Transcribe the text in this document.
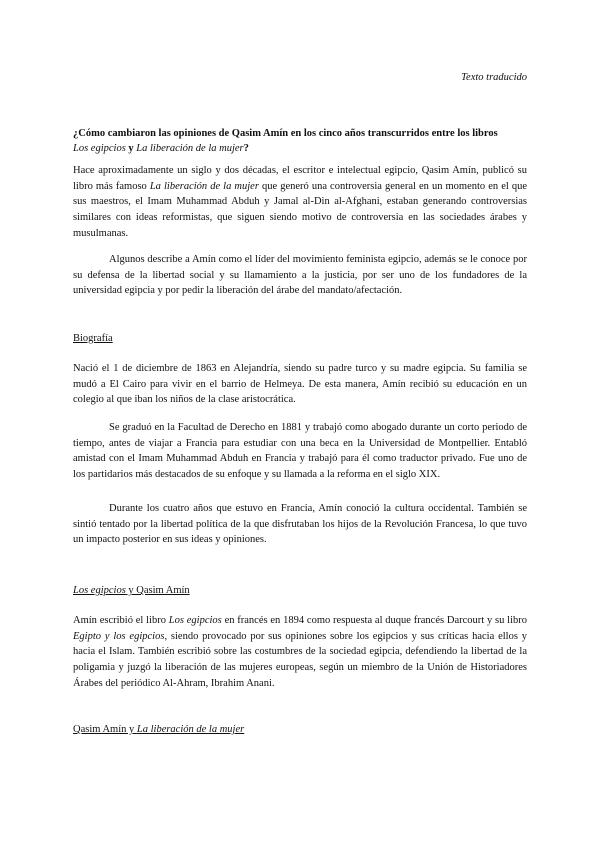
Texto traducido
¿Cómo cambiaron las opiniones de Qasim Amín en los cinco años transcurridos entre los libros
Los egipcios y La liberación de la mujer?
Hace aproximadamente un siglo y dos décadas, el escritor e intelectual egipcio, Qasim Amín, publicó su libro más famoso La liberación de la mujer que generó una controversia general en un momento en el que sus maestros, el Imam Muhammad Abduh y Jamal al-Din al-Afghani, estaban generando controversias similares con ideas reformistas, que siguen siendo motivo de controversia en las sociedades árabes y musulmanas.
Algunos describe a Amín como el líder del movimiento feminista egipcio, además se le conoce por su defensa de la libertad social y su llamamiento a la justicia, por ser uno de los fundadores de la universidad egipcia y por pedir la liberación del árabe del mandato/afectación.
Biografía
Nació el 1 de diciembre de 1863 en Alejandría, siendo su padre turco y su madre egipcia. Su familia se mudó a El Cairo para vivir en el barrio de Helmeya. De esta manera, Amín recibió su educación en un colegio al que iban los niños de la clase aristocrática.
Se graduó en la Facultad de Derecho en 1881 y trabajó como abogado durante un corto periodo de tiempo, antes de viajar a Francia para estudiar con una beca en la Universidad de Montpellier. Entabló amistad con el Imam Muhammad Abduh en Francia y trabajó para él como traductor privado. Fue uno de los partidarios más destacados de su enfoque y su llamada a la reforma en el siglo XIX.
Durante los cuatro años que estuvo en Francia, Amín conoció la cultura occidental. También se sintió tentado por la libertad política de la que disfrutaban los hijos de la Revolución Francesa, lo que tuvo un impacto posterior en sus ideas y opiniones.
Los egipcios y Qasim Amín
Amín escribió el libro Los egipcios en francés en 1894 como respuesta al duque francés Darcourt y su libro Egipto y los egipcios, siendo provocado por sus opiniones sobre los egipcios y sus críticas hacia ellos y hacia el Islam. También escribió sobre las costumbres de la sociedad egipcia, defendiendo la libertad de la poligamia y juzgó la liberación de las mujeres europeas, según un miembro de la Unión de Historiadores Árabes del periódico Al-Ahram, Ibrahim Anani.
Qasim Amín y La liberación de la mujer
